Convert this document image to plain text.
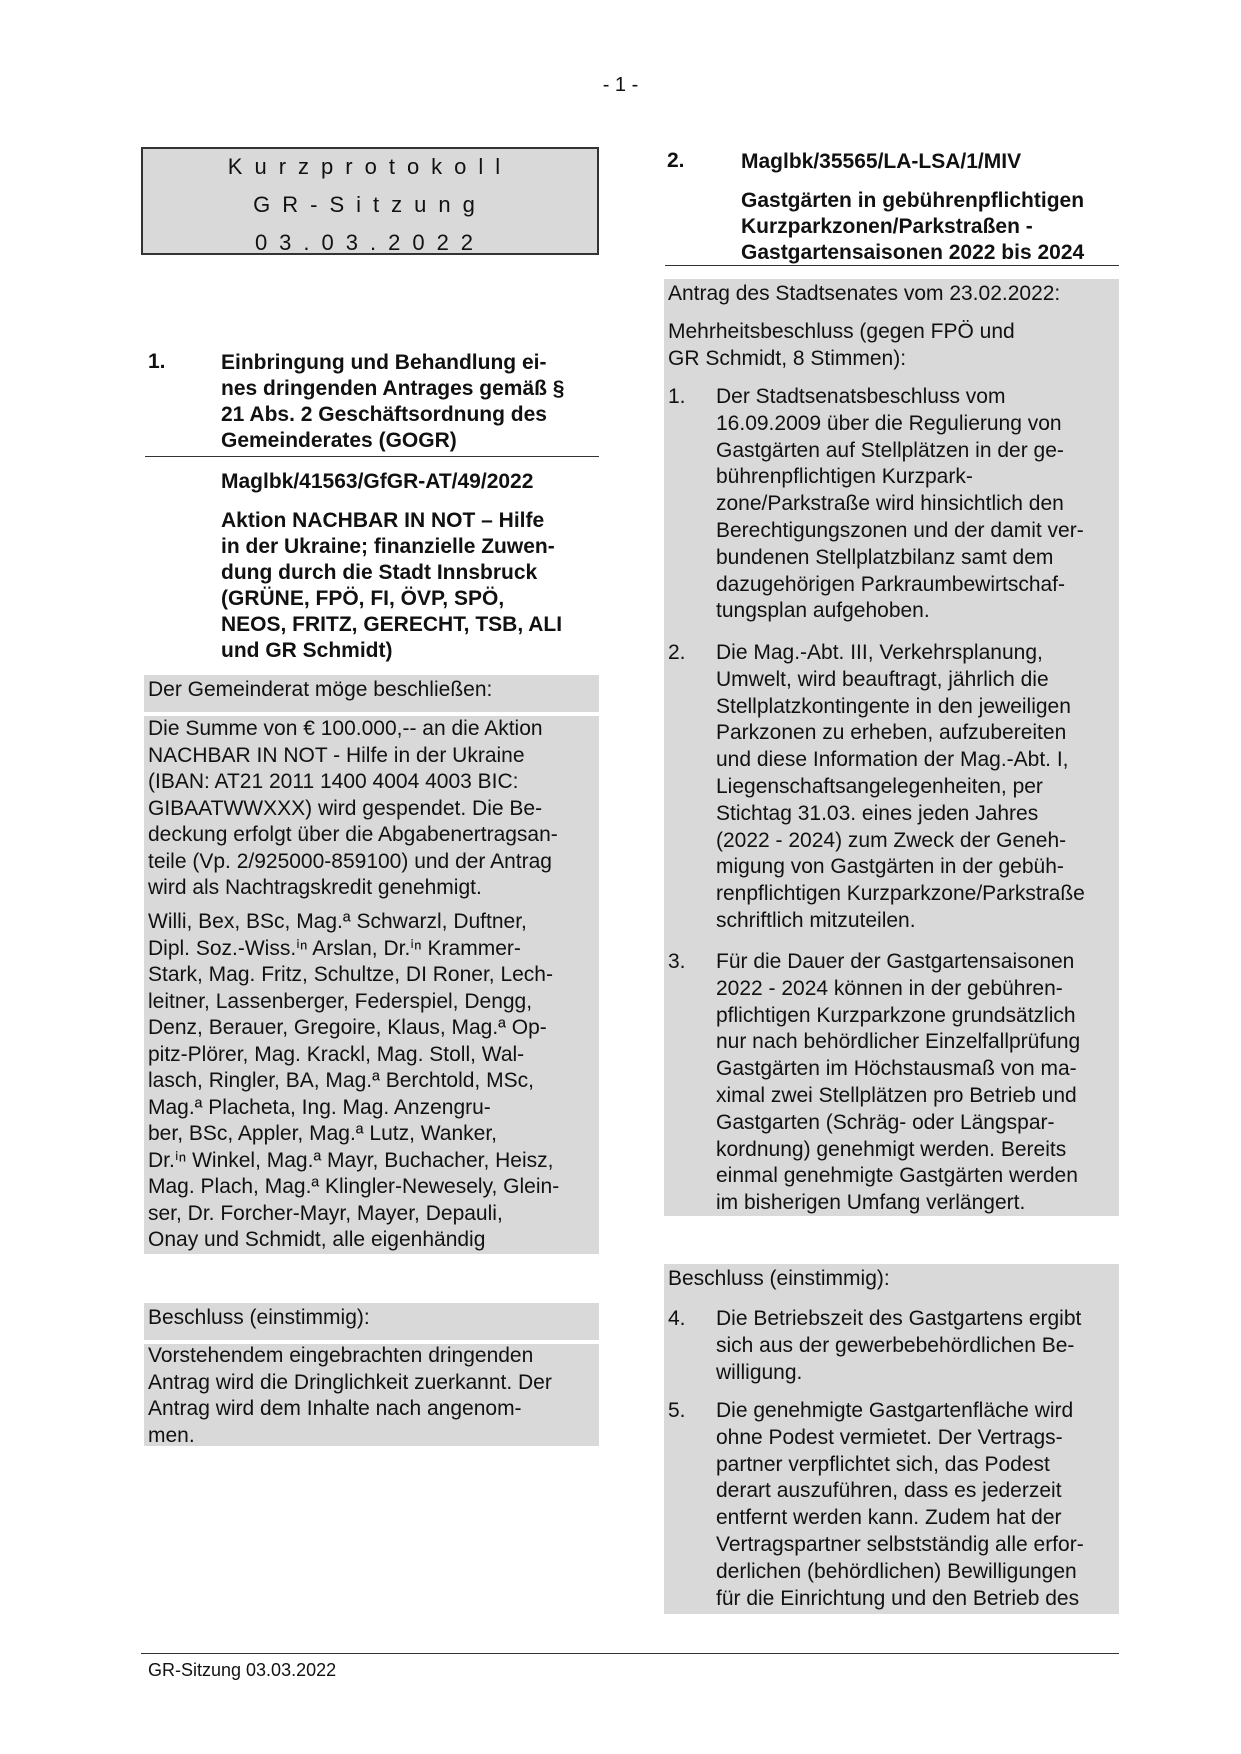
- 1 -
Kurzprotokoll
GR-Sitzung
03.03.2022
1.	Einbringung und Behandlung ei-
nes dringenden Antrages gemäß §
21 Abs. 2 Geschäftsordnung des
Gemeinderates (GOGR)
Maglbk/41563/GfGR-AT/49/2022
Aktion NACHBAR IN NOT – Hilfe
in der Ukraine; finanzielle Zuwen-
dung durch die Stadt Innsbruck
(GRÜNE, FPÖ, FI, ÖVP, SPÖ,
NEOS, FRITZ, GERECHT, TSB, ALI
und GR Schmidt)
Der Gemeinderat möge beschließen:
Die Summe von € 100.000,-- an die Aktion
NACHBAR IN NOT - Hilfe in der Ukraine
(IBAN: AT21 2011 1400 4004 4003 BIC:
GIBAATWWXXX) wird gespendet. Die Be-
deckung erfolgt über die Abgabenertragsan-
teile (Vp. 2/925000-859100) und der Antrag
wird als Nachtragskredit genehmigt.
Willi, Bex, BSc, Mag.ª Schwarzl, Duftner,
Dipl. Soz.-Wiss.ⁱⁿ Arslan, Dr.ⁱⁿ Krammer-
Stark, Mag. Fritz, Schultze, DI Roner, Lech-
leitner, Lassenberger, Federspiel, Dengg,
Denz, Berauer, Gregoire, Klaus, Mag.ª Op-
pitz-Plörer, Mag. Krackl, Mag. Stoll, Wal-
lasch, Ringler, BA, Mag.ª Berchtold, MSc,
Mag.ª Placheta, Ing. Mag. Anzengru-
ber, BSc, Appler, Mag.ª Lutz, Wanker,
Dr.ⁱⁿ Winkel, Mag.ª Mayr, Buchacher, Heisz,
Mag. Plach, Mag.ª Klingler-Newesely, Glein-
ser, Dr. Forcher-Mayr, Mayer, Depauli,
Onay und Schmidt, alle eigenhändig
Beschluss (einstimmig):
Vorstehendem eingebrachten dringenden
Antrag wird die Dringlichkeit zuerkannt. Der
Antrag wird dem Inhalte nach angenom-
men.
2.	Maglbk/35565/LA-LSA/1/MIV
Gastgärten in gebührenpflichtigen
Kurzparkzonen/Parkstraßen -
Gastgartensaisonen 2022 bis 2024
Antrag des Stadtsenates vom 23.02.2022:
Mehrheitsbeschluss (gegen FPÖ und
GR Schmidt, 8 Stimmen):
1. Der Stadtsenatsbeschluss vom
16.09.2009 über die Regulierung von
Gastgärten auf Stellplätzen in der ge-
bührenpflichtigen Kurzpark-
zone/Parkstraße wird hinsichtlich den
Berechtigungszonen und der damit ver-
bundenen Stellplatzbilanz samt dem
dazugehörigen Parkraumbewirtschaf-
tungsplan aufgehoben.
2. Die Mag.-Abt. III, Verkehrsplanung,
Umwelt, wird beauftragt, jährlich die
Stellplatzkontingente in den jeweiligen
Parkzonen zu erheben, aufzubereiten
und diese Information der Mag.-Abt. I,
Liegenschaftsangelegenheiten, per
Stichtag 31.03. eines jeden Jahres
(2022 - 2024) zum Zweck der Geneh-
migung von Gastgärten in der gebüh-
renpflichtigen Kurzparkzone/Parkstraße
schriftlich mitzuteilen.
3. Für die Dauer der Gastgartensaisonen
2022 - 2024 können in der gebühren-
pflichtigen Kurzparkzone grundsätzlich
nur nach behördlicher Einzelfallprüfung
Gastgärten im Höchstausmaß von ma-
ximal zwei Stellplätzen pro Betrieb und
Gastgarten (Schräg- oder Längspar-
kordnung) genehmigt werden. Bereits
einmal genehmigte Gastgärten werden
im bisherigen Umfang verlängert.
Beschluss (einstimmig):
4. Die Betriebszeit des Gastgartens ergibt
sich aus der gewerbebehördlichen Be-
willigung.
5. Die genehmigte Gastgartenfläche wird
ohne Podest vermietet. Der Vertrags-
partner verpflichtet sich, das Podest
derart auszuführen, dass es jederzeit
entfernt werden kann. Zudem hat der
Vertragspartner selbstständig alle erfor-
derlichen (behördlichen) Bewilligungen
für die Einrichtung und den Betrieb des
GR-Sitzung 03.03.2022
